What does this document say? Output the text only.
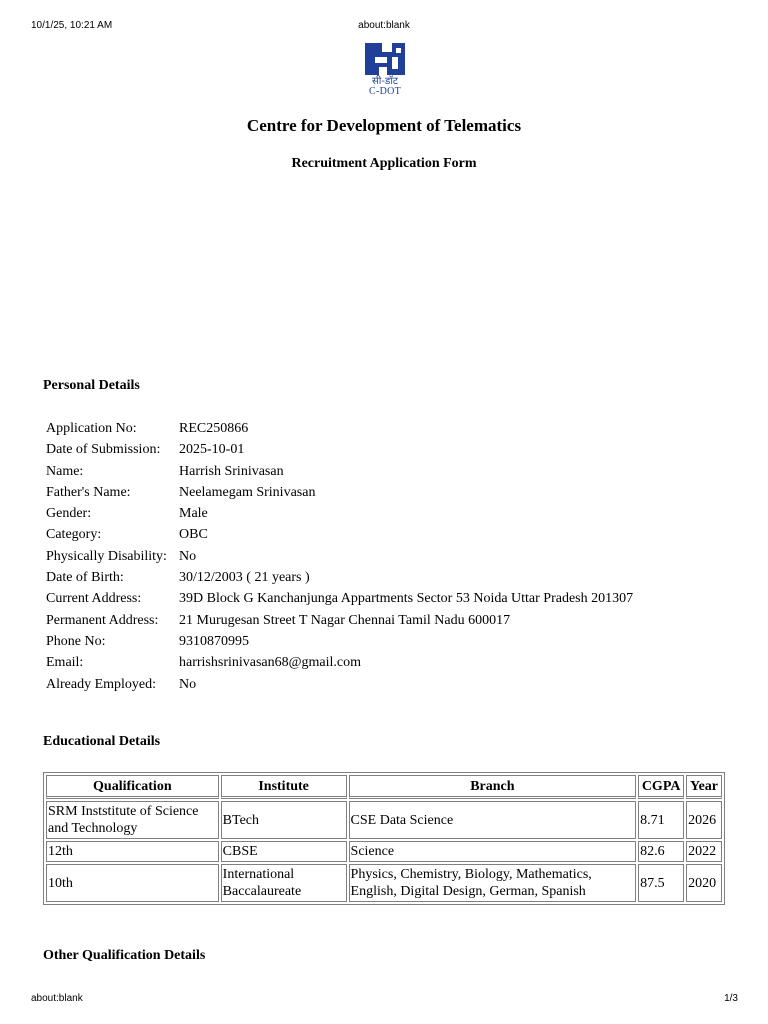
10/1/25, 10:21 AM	about:blank
सी-डॉट
C-DOT
Centre for Development of Telematics
Recruitment Application Form
Personal Details
Application No:	REC250866
Date of Submission:	2025-10-01
Name:	Harrish Srinivasan
Father's Name:	Neelamegam Srinivasan
Gender:	Male
Category:	OBC
Physically Disability:	No
Date of Birth:	30/12/2003 ( 21 years )
Current Address:	39D Block G Kanchanjunga Appartments Sector 53 Noida Uttar Pradesh 201307
Permanent Address:	21 Murugesan Street T Nagar Chennai Tamil Nadu 600017
Phone No:	9310870995
Email:	harrishsrinivasan68@gmail.com
Already Employed:	No
Educational Details
Qualification	Institute	Branch	CGPA	Year
SRM Inststitute of Science and Technology	BTech	CSE Data Science	8.71	2026
12th	CBSE	Science	82.6	2022
10th	International Baccalaureate	Physics, Chemistry, Biology, Mathematics, English, Digital Design, German, Spanish	87.5	2020
Other Qualification Details
about:blank	1/3
